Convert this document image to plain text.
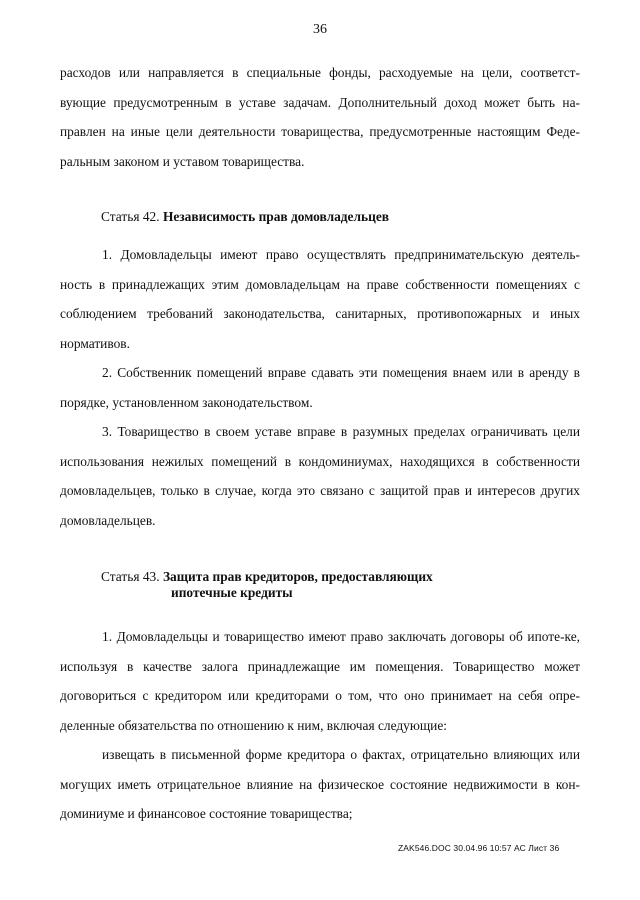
36

расходов или направляется в специальные фонды, расходуемые на цели, соответст-вующие предусмотренным в уставе задачам. Дополнительный доход может быть на-правлен на иные цели деятельности товарищества, предусмотренные настоящим Феде-ральным законом и уставом товарищества.

Статья 42. Независимость прав домовладельцев

1. Домовладельцы имеют право осуществлять предпринимательскую деятель-ность в принадлежащих этим домовладельцам на праве собственности помещениях с соблюдением требований законодательства, санитарных, противопожарных и иных нормативов.

2. Собственник помещений вправе сдавать эти помещения внаем или в аренду в порядке, установленном законодательством.

3. Товарищество в своем уставе вправе в разумных пределах ограничивать цели использования нежилых помещений в кондоминиумах, находящихся в собственности домовладельцев, только в случае, когда это связано с защитой прав и интересов других домовладельцев.

Статья 43. Защита прав кредиторов, предоставляющих
ипотечные кредиты

1. Домовладельцы и товарищество имеют право заключать договоры об ипоте-ке, используя в качестве залога принадлежащие им помещения. Товарищество может договориться с кредитором или кредиторами о том, что оно принимает на себя опре-деленные обязательства по отношению к ним, включая следующие:

извещать в письменной форме кредитора о фактах, отрицательно влияющих или могущих иметь отрицательное влияние на физическое состояние недвижимости в кон-доминиуме и финансовое состояние товарищества;

ZAK546.DOC 30.04.96 10:57 АС Лист 36
